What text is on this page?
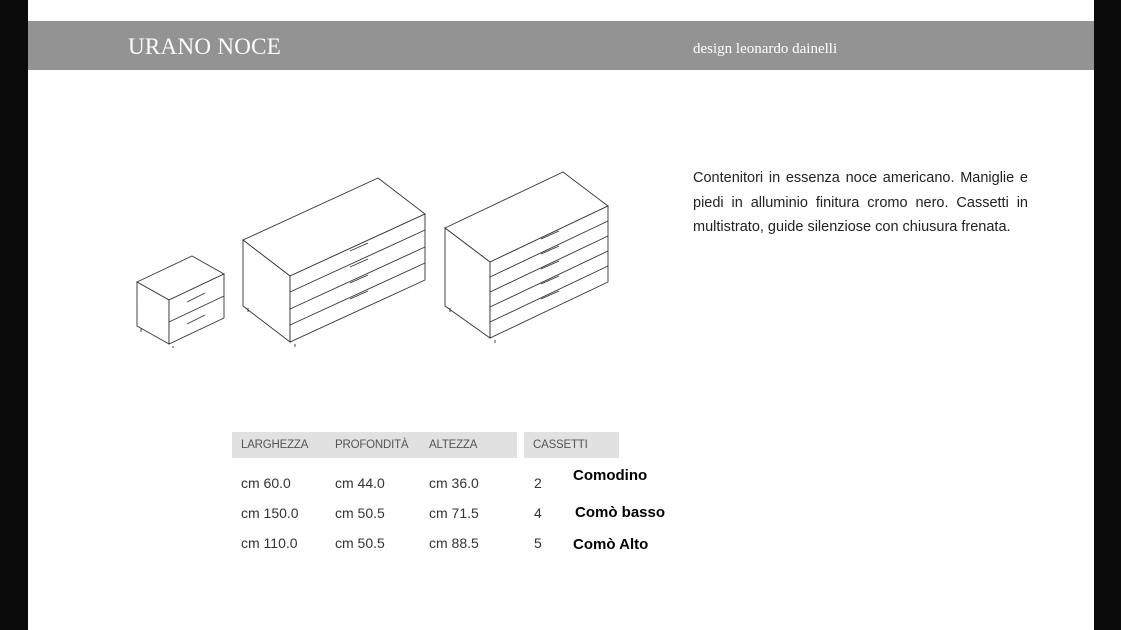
URANO NOCE	design leonardo dainelli
Contenitori in essenza noce americano. Maniglie e piedi in alluminio finitura cromo nero. Cassetti in multistrato, guide silenziose con chiusura frenata.
LARGHEZZA PROFONDITÀ ALTEZZA	CASSETTI
cm 60.0	cm 44.0	cm 36.0	2 Comodino
cm 150.0	cm 50.5	cm 71.5	4 Comò basso
cm 110.0	cm 50.5	cm 88.5	5 Comò Alto
